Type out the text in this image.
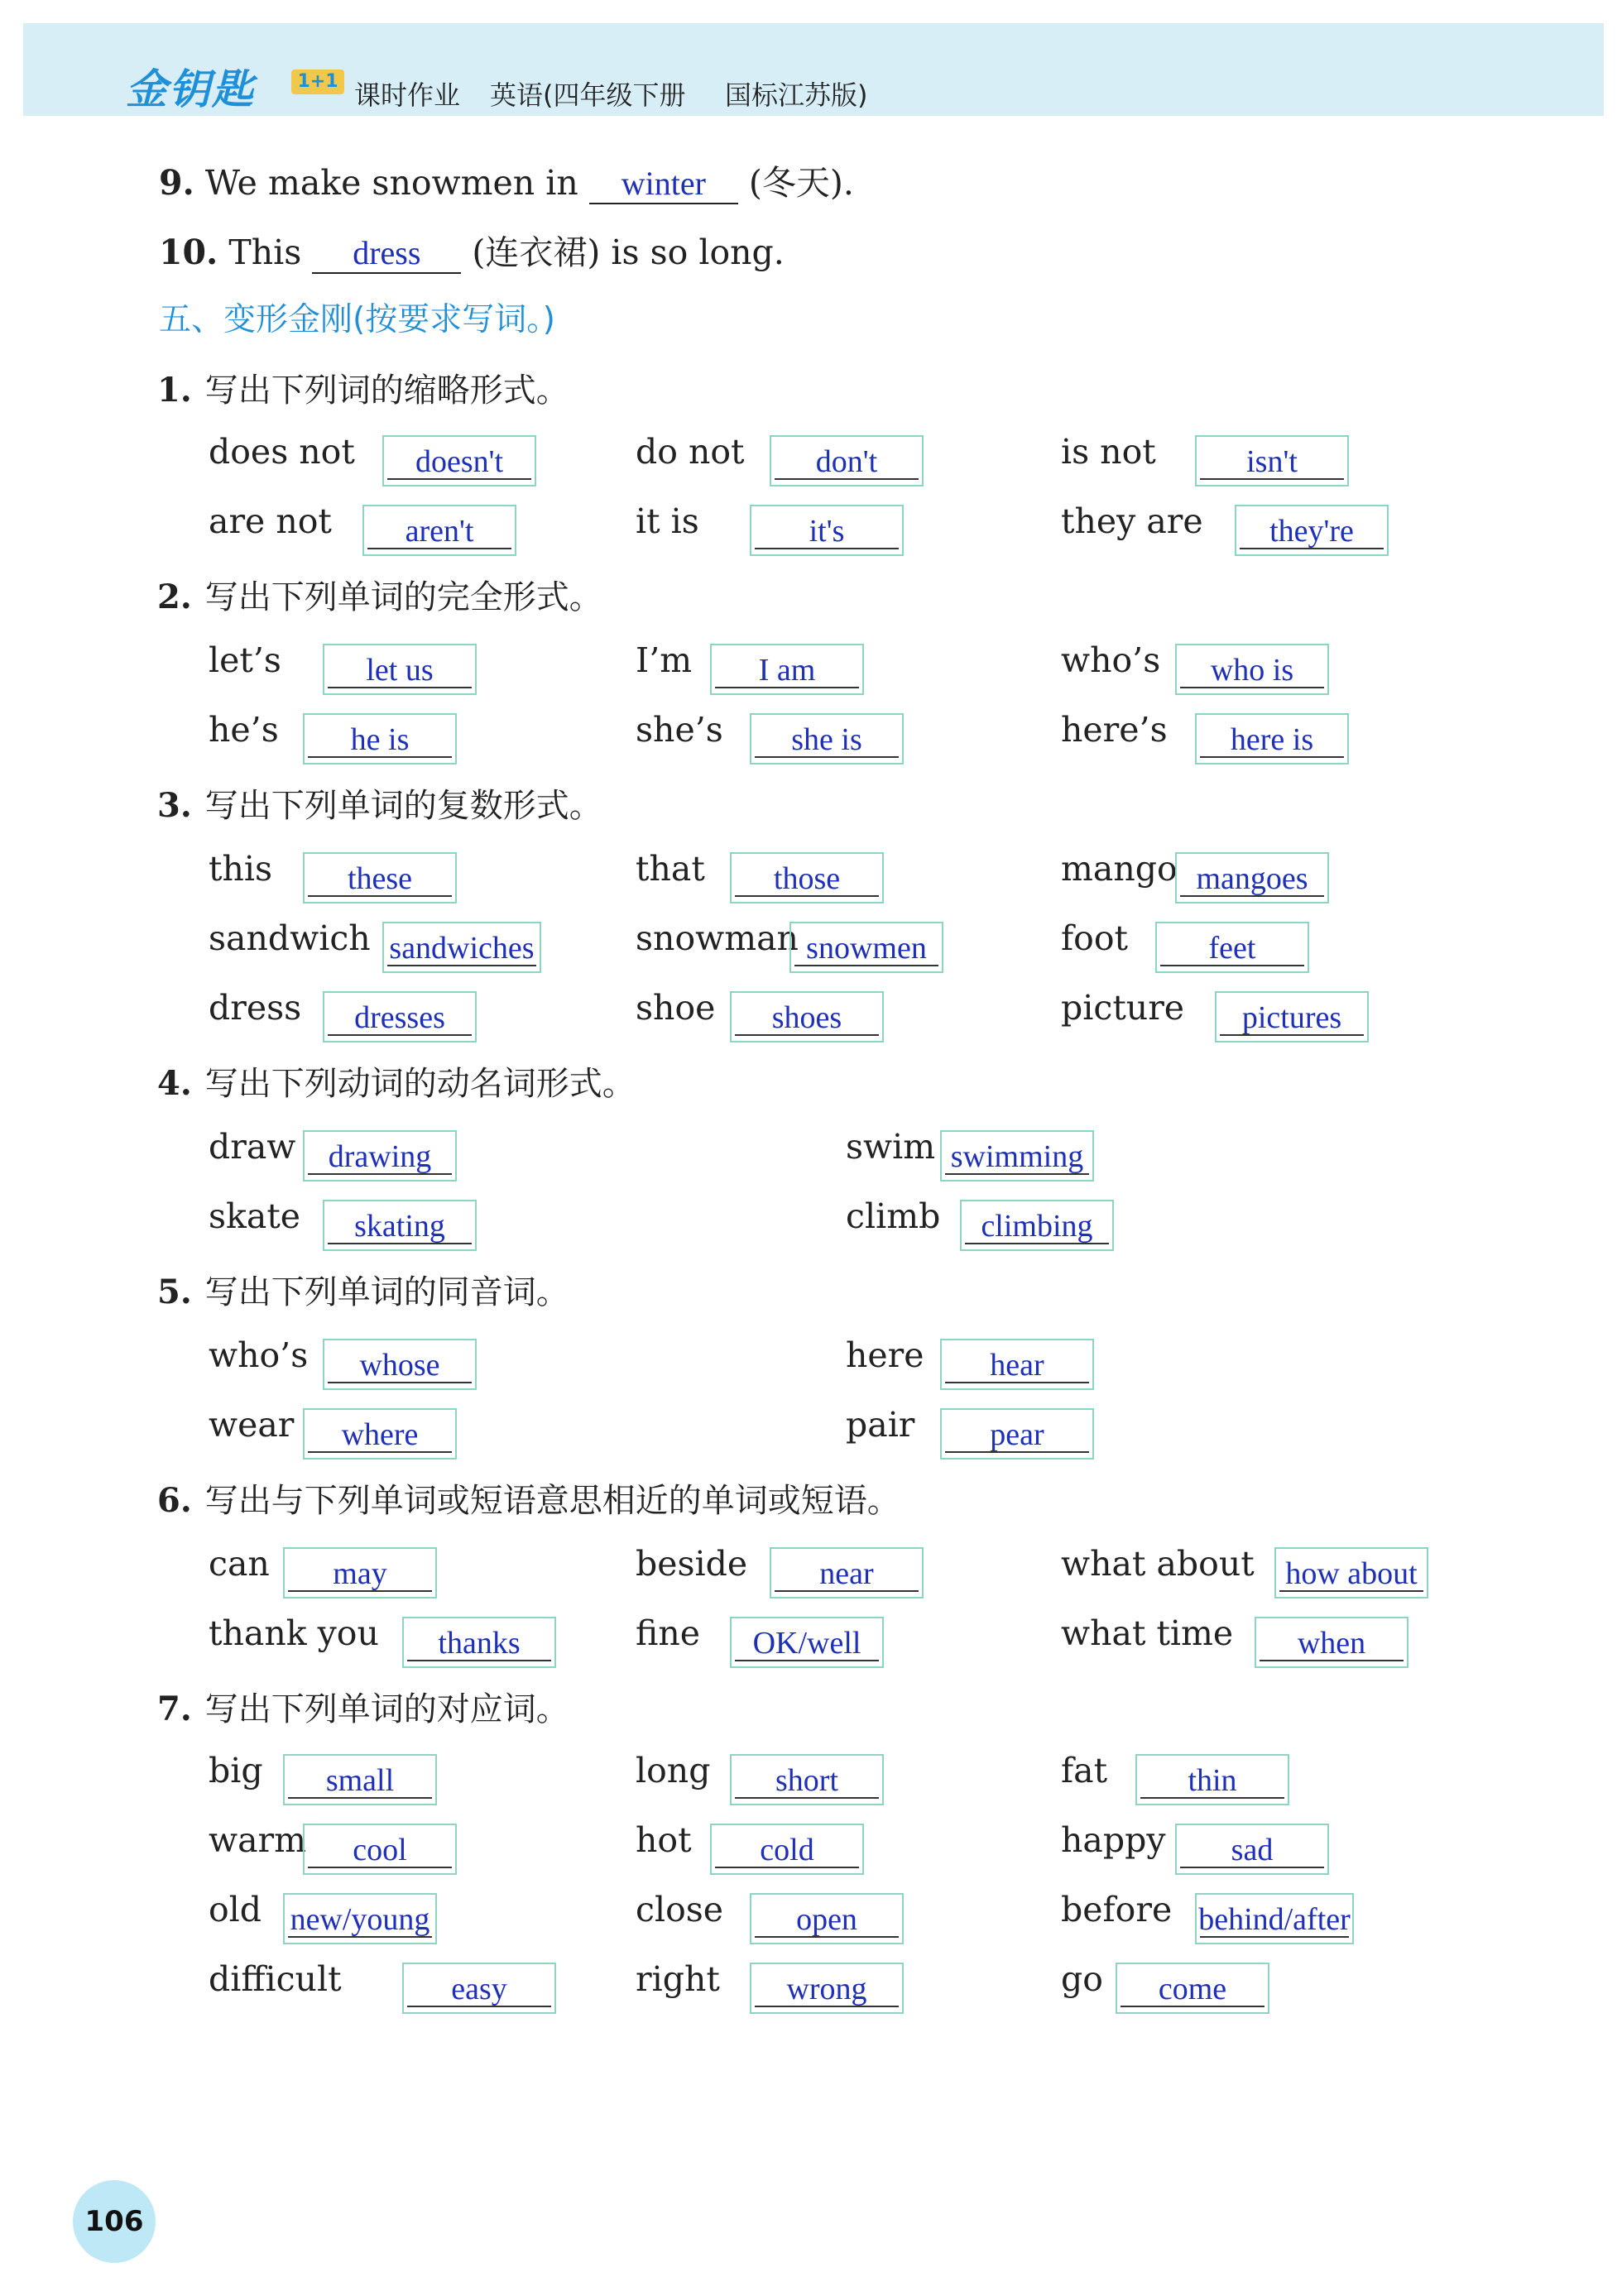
金钥匙	1+1 课时作业 英语(四年级下册 国标江苏版)
9. We make snowmen in winter (冬天).
10. This dress (连衣裙) is so long.
五、变形金刚(按要求写词。)
1. 写出下列词的缩略形式。
does not	doesn't	do not	don't	is not	isn't
are not	aren't	it is	it's	they are	they're
2. 写出下列单词的完全形式。
let’s	let us	I’m	I am	who’s	who is
he’s	he is	she’s	she is	here’s	here is
3. 写出下列单词的复数形式。
this	these	that	those	mango mangoes
sandwich sandwiches	snowman snowmen	foot	feet
dress	dresses	shoe	shoes	picture	pictures
4. 写出下列动词的动名词形式。
draw	drawing	swim swimming
skate	skating	climb	climbing
5. 写出下列单词的同音词。
who’s	whose	here	hear
wear	where	pair	pear
6. 写出与下列单词或短语意思相近的单词或短语。
can	may	beside	near	what about how about
thank you	thanks	fine	OK/well	what time	when
7. 写出下列单词的对应词。
big	small	long	short	fat	thin
warm	cool	hot	cold	happy	sad
old new/young	close	open	before behind/after
difficult	easy	right	wrong	go	come
106
